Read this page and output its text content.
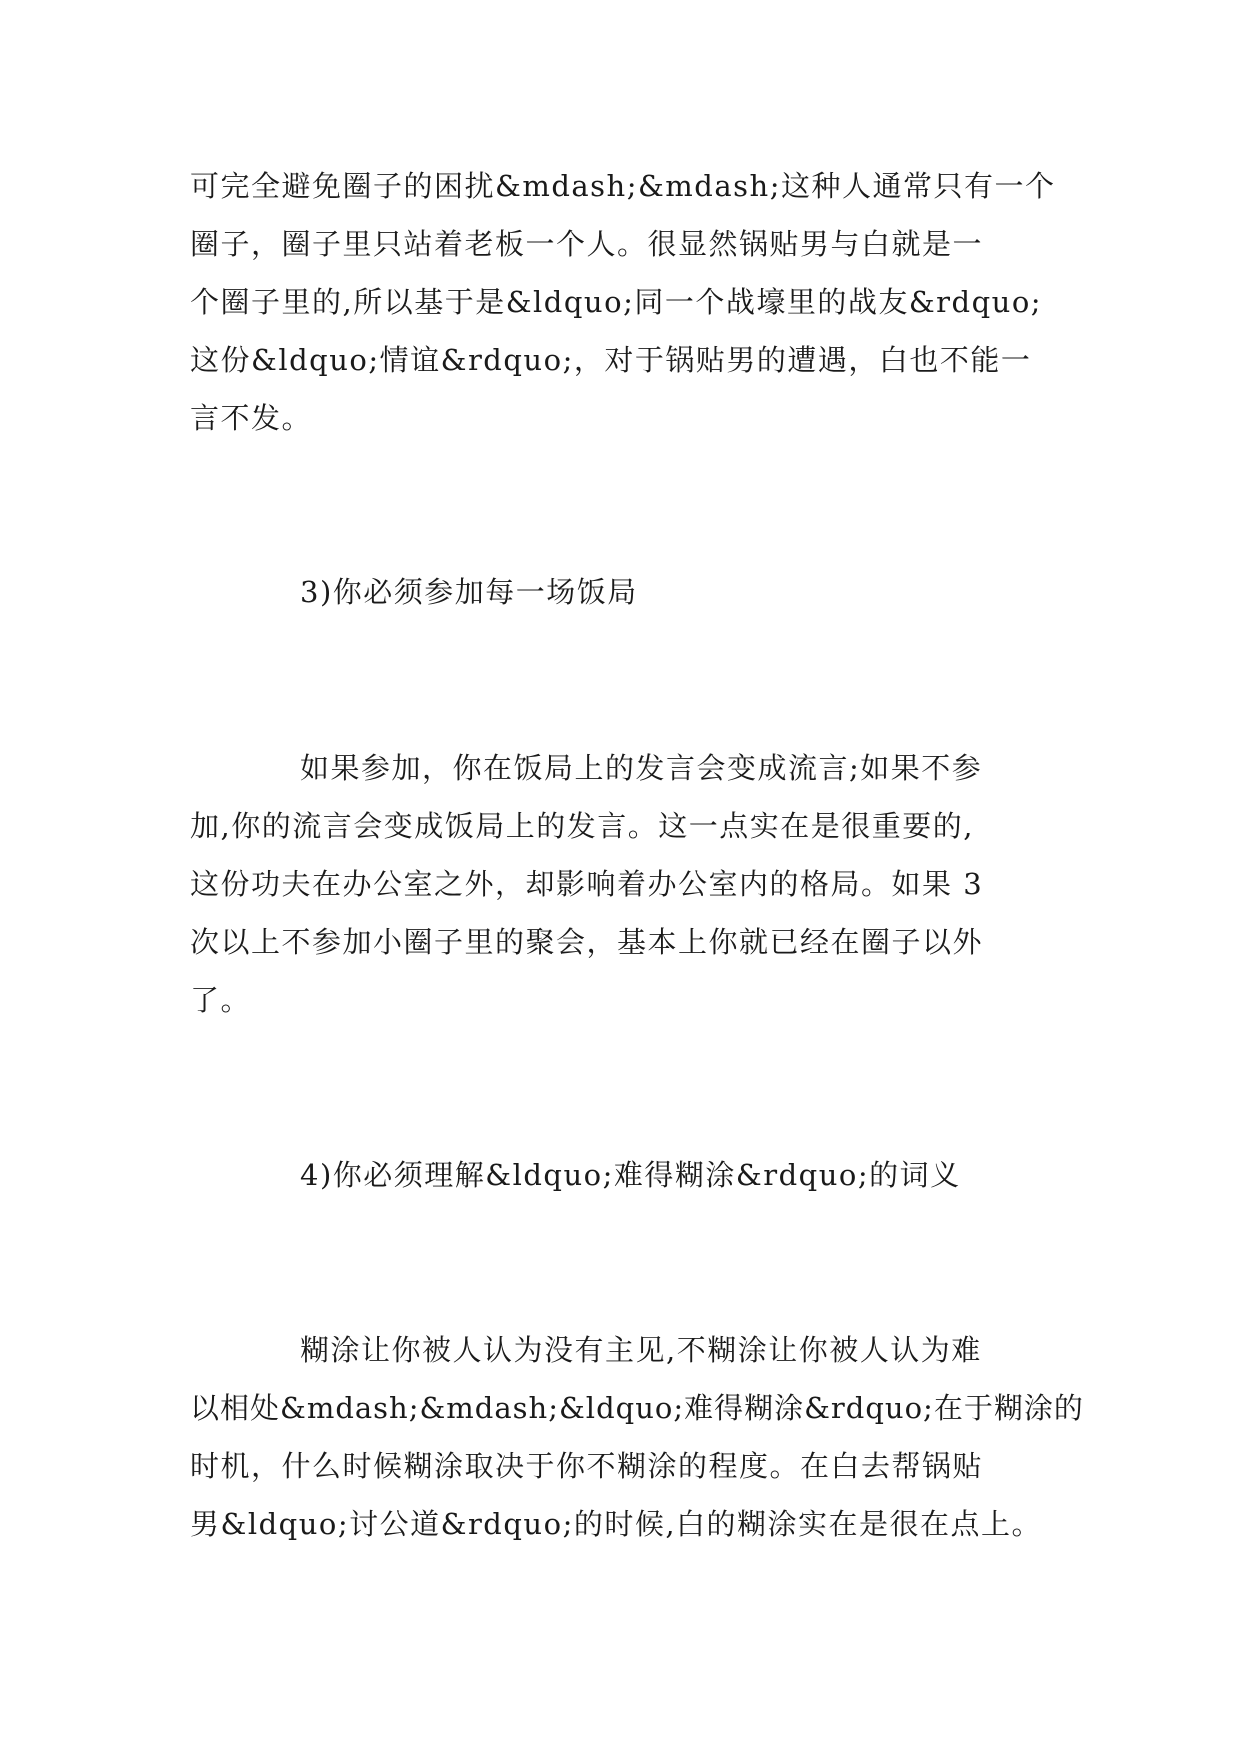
可完全避免圈子的困扰&mdash;&mdash;这种人通常只有一个
圈子，圈子里只站着老板一个人。很显然锅贴男与白就是一
个圈子里的,所以基于是&ldquo;同一个战壕里的战友&rdquo;
这份&ldquo;情谊&rdquo;，对于锅贴男的遭遇，白也不能一
言不发。
3)你必须参加每一场饭局
如果参加，你在饭局上的发言会变成流言;如果不参
加,你的流言会变成饭局上的发言。这一点实在是很重要的,
这份功夫在办公室之外，却影响着办公室内的格局。如果 3
次以上不参加小圈子里的聚会，基本上你就已经在圈子以外
了。
4)你必须理解&ldquo;难得糊涂&rdquo;的词义
糊涂让你被人认为没有主见,不糊涂让你被人认为难
以相处&mdash;&mdash;&ldquo;难得糊涂&rdquo;在于糊涂的
时机，什么时候糊涂取决于你不糊涂的程度。在白去帮锅贴
男&ldquo;讨公道&rdquo;的时候,白的糊涂实在是很在点上。
